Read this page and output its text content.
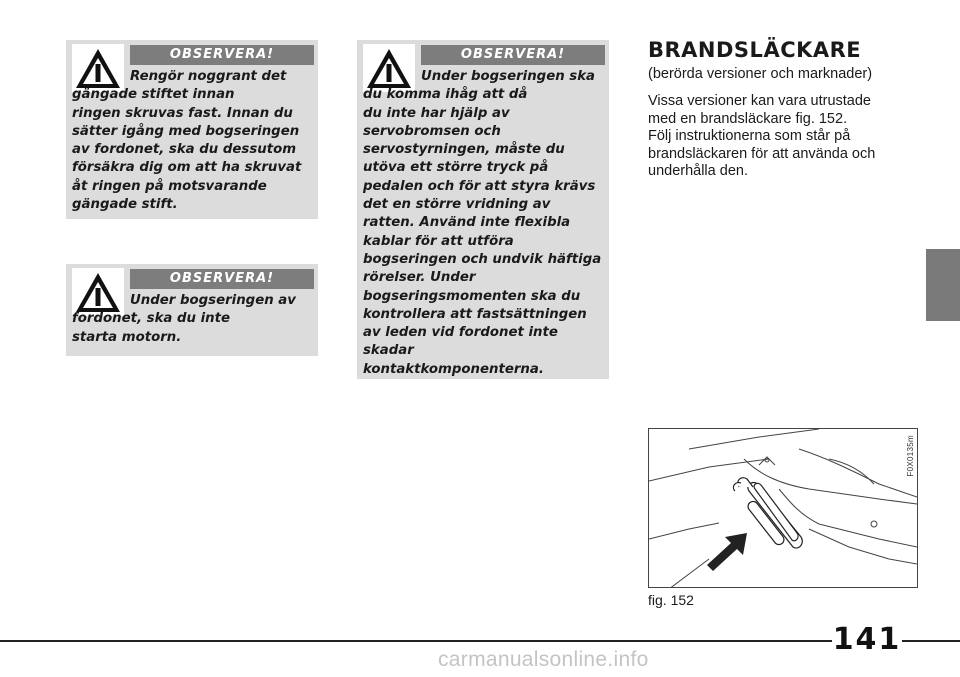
OBSERVERA!

Rengör noggrant det
gängade stiftet innan
ringen skruvas fast. Innan du
sätter igång med bogseringen
av fordonet, ska du dessutom
försäkra dig om att ha skruvat
åt ringen på motsvarande
gängade stift.

OBSERVERA!

Under bogseringen av
fordonet, ska du inte
starta motorn.

OBSERVERA!

Under bogseringen ska
du komma ihåg att då
du inte har hjälp av
servobromsen och
servostyrningen, måste du
utöva ett större tryck på
pedalen och för att styra krävs
det en större vridning av
ratten. Använd inte flexibla
kablar för att utföra
bogseringen och undvik häftiga
rörelser. Under
bogseringsmomenten ska du
kontrollera att fastsättningen
av leden vid fordonet inte
skadar
kontaktkomponenterna.

BRANDSLÄCKARE

(berörda versioner och marknader)

Vissa versioner kan vara utrustade
med en brandsläckare fig. 152.
Följ instruktionerna som står på
brandsläckaren för att använda och
underhålla den.

F0X0135m

fig. 152

141
carmanualsonline.info
